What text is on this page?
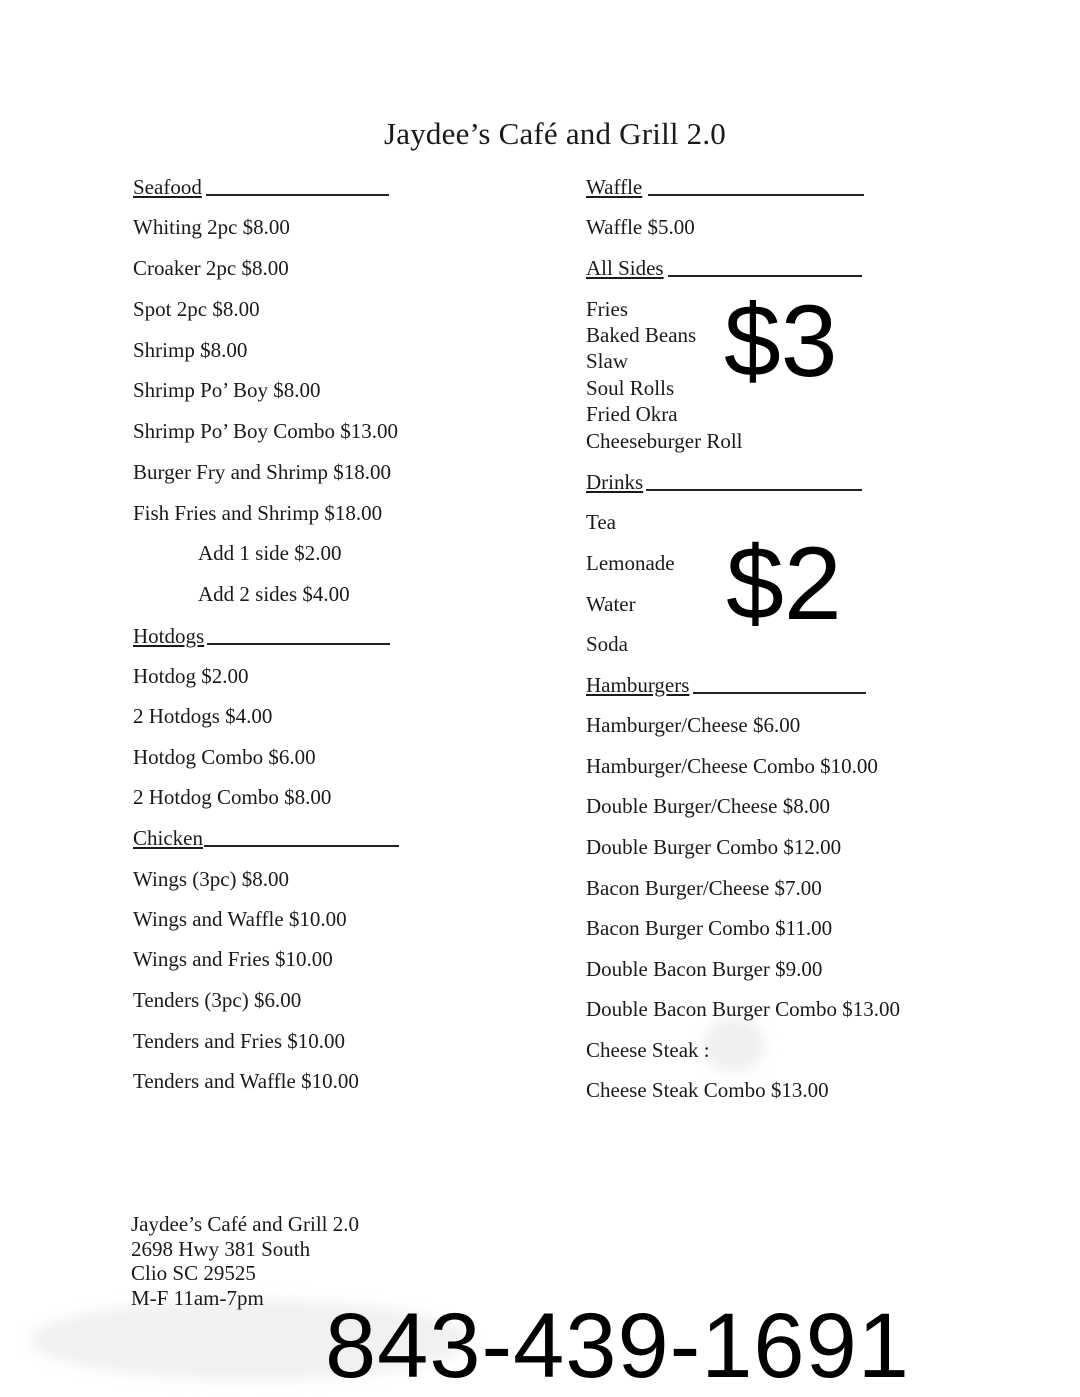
Jaydee’s Café and Grill 2.0
Seafood
Whiting 2pc $8.00
Croaker 2pc $8.00
Spot 2pc $8.00
Shrimp $8.00
Shrimp Po’ Boy $8.00
Shrimp Po’ Boy Combo $13.00
Burger Fry and Shrimp $18.00
Fish Fries and Shrimp $18.00
Add 1 side $2.00
Add 2 sides $4.00
Hotdogs
Hotdog $2.00
2 Hotdogs $4.00
Hotdog Combo $6.00
2 Hotdog Combo $8.00
Chicken
Wings (3pc) $8.00
Wings and Waffle $10.00
Wings and Fries $10.00
Tenders (3pc) $6.00
Tenders and Fries $10.00
Tenders and Waffle $10.00
Waffle
Waffle $5.00
All Sides
Fries
Baked Beans
Slaw
Soul Rolls
Fried Okra
Cheeseburger Roll
Drinks
Tea
Lemonade
Water
Soda
Hamburgers
Hamburger/Cheese $6.00
Hamburger/Cheese Combo $10.00
Double Burger/Cheese $8.00
Double Burger Combo $12.00
Bacon Burger/Cheese $7.00
Bacon Burger Combo $11.00
Double Bacon Burger $9.00
Double Bacon Burger Combo $13.00
Cheese Steak :
Cheese Steak Combo $13.00
$3
$2
Jaydee’s Café and Grill 2.0
2698 Hwy 381 South
Clio SC 29525
M-F 11am-7pm 843-439-1691
